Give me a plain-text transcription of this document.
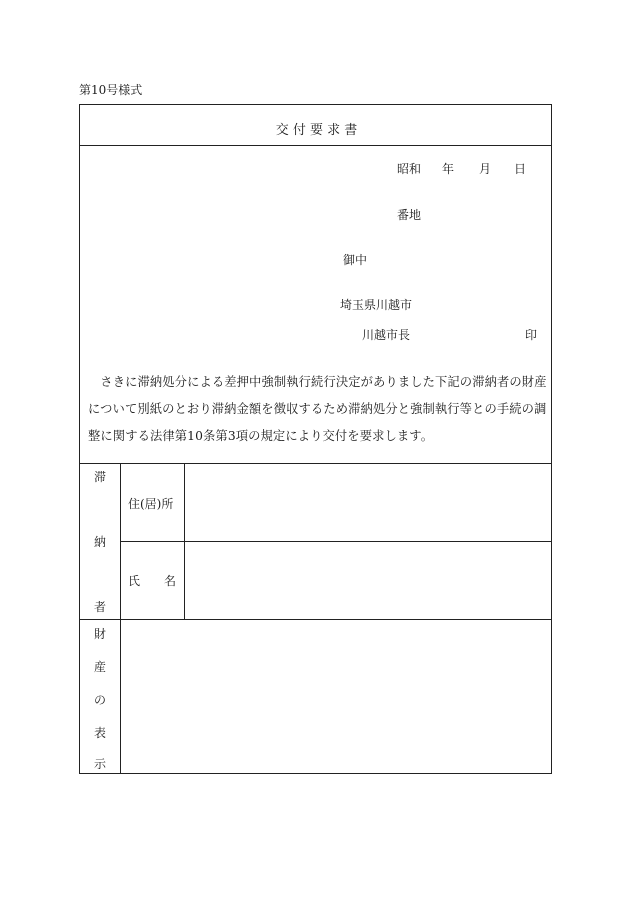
第10号様式
交 付 要 求 書
昭和 年 月 日
番地
御中
埼玉県川越市
川越市長	印
さきに滞納処分による差押中強制執行続行決定がありました下記の滞納者の財産について別紙のとおり滞納金額を徴収するため滞納処分と強制執行等との手続の調整に関する法律第10条第3項の規定により交付を要求します。
滞
納
者
住(居)所
氏　　名
財
産
の
表
示
